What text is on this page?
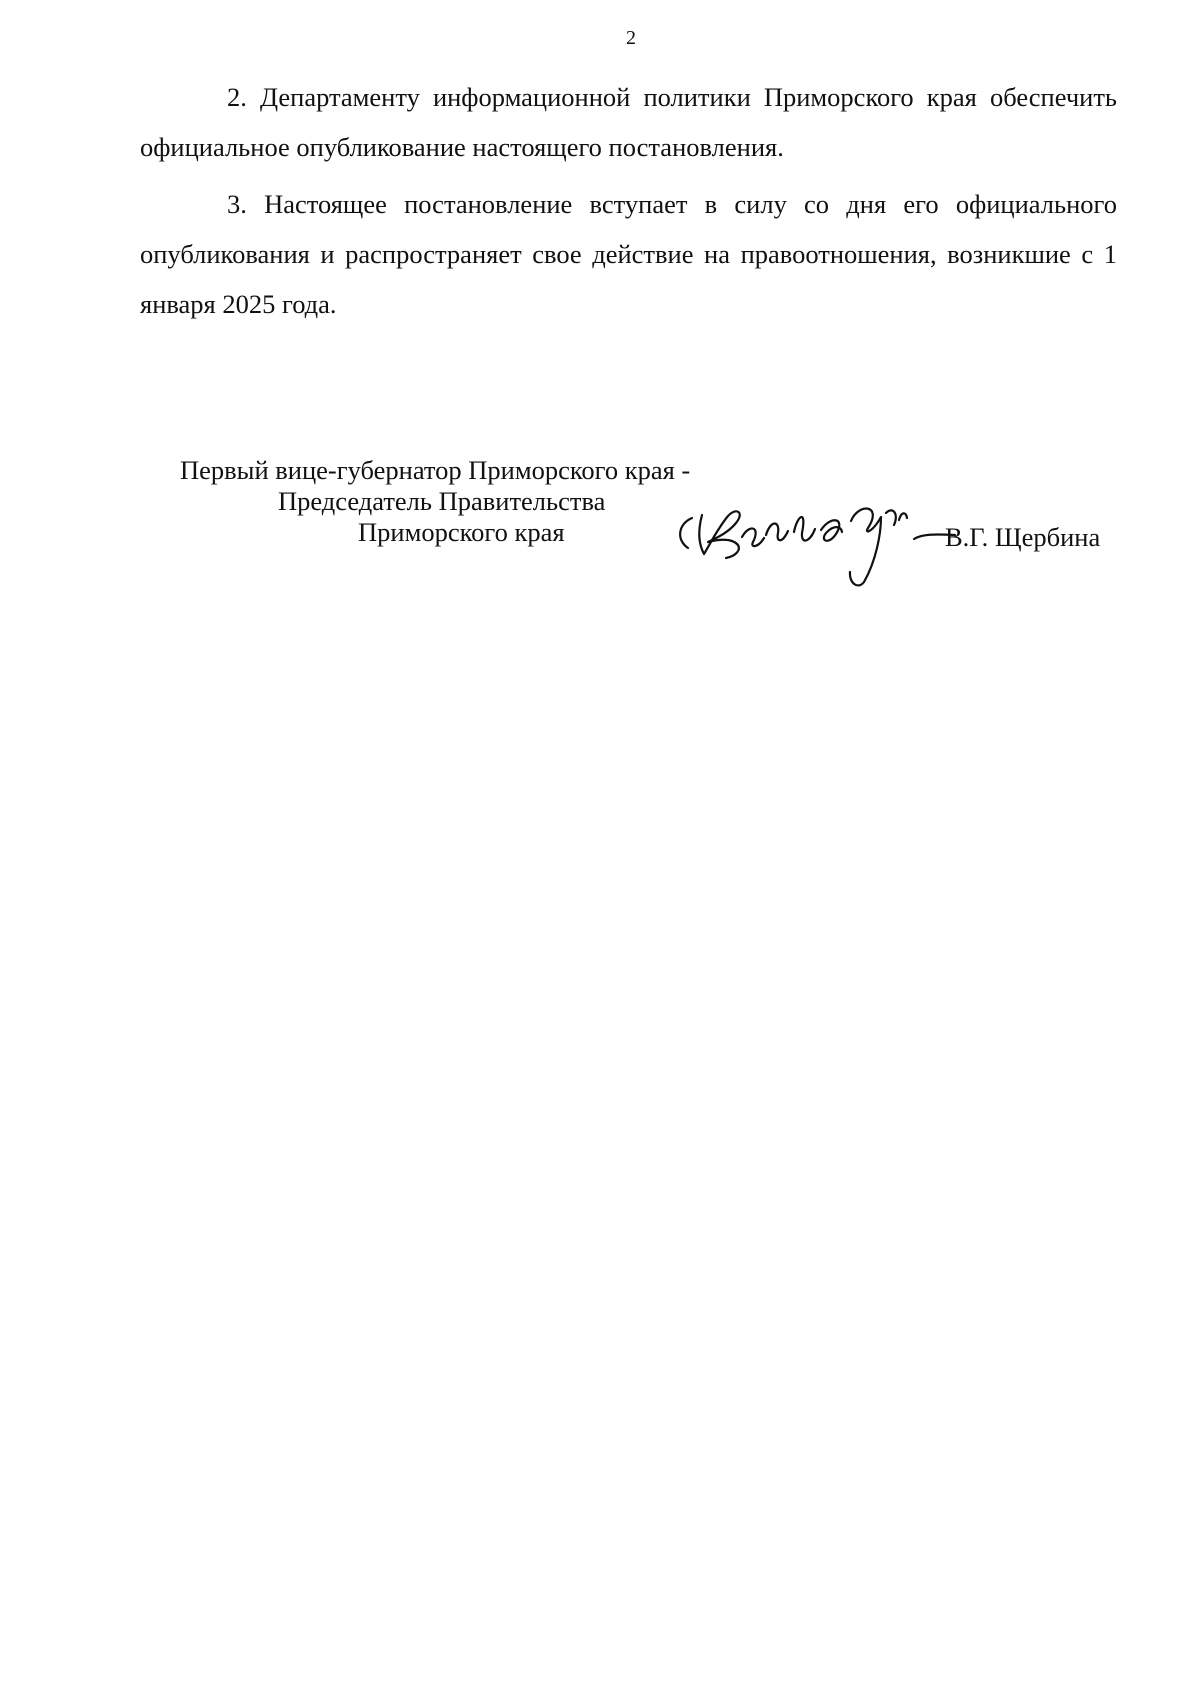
2

2. Департаменту информационной политики Приморского края обеспечить официальное опубликование настоящего постановления.

3. Настоящее постановление вступает в силу со дня его официального опубликования и распространяет свое действие на правоотношения, возникшие с 1 января 2025 года.

Первый вице-губернатор Приморского края -
Председатель Правительства
Приморского края	В.Г. Щербина
